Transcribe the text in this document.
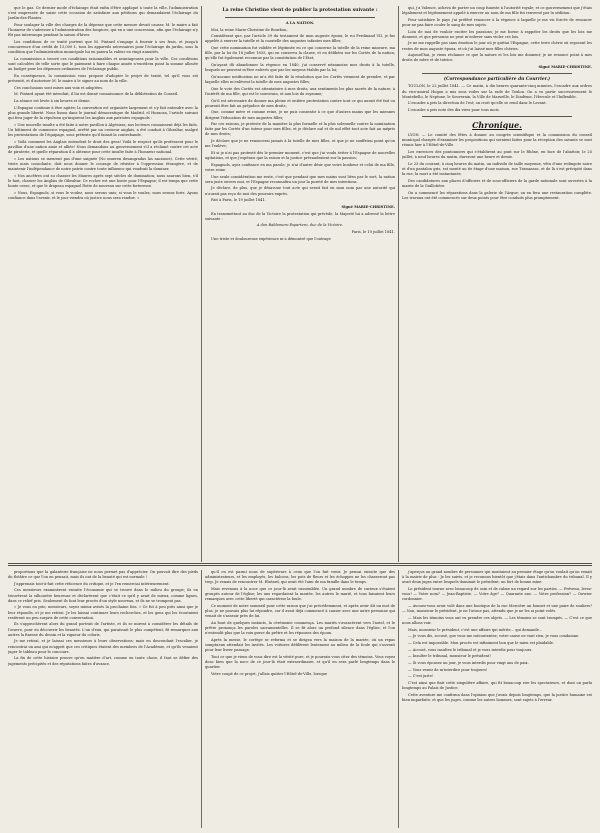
que le gaz. Ce dernier mode d'éclairage était enfin d'être appliqué à toute la ville, l'administration s'est empressée de saisir cette occasion de satisfaire aux pétitions qui demandaient l'éclairage du Jardin-des-Plantes.

Pour soulager la ville des charges de la dépense que cette mesure devait causer, M. le maire a fait l'honneur de s'adresser à l'administration des hospices, qui en a une concession, afin que l'éclairage n'y fût pas interrompu pendant la saison d'hiver.

Les conditions de ce traité portent que M. Pintard s'engage à fournir à ses frais, et jusqu'à concurrence d'un crédit de 15,000 f., tous les appareils nécessaires pour l'éclairage du jardin, sous la condition que l'administration municipale lui en paiera la valeur en vingt annuités.

La commission a trouvé ces conditions raisonnables et avantageuses pour la ville. Ces conditions sont calculées de telle sorte que le paiement à faire chaque année n'excédera point la somme allouée au budget pour les dépenses ordinaires de l'éclairage public.

En conséquence, la commission vous propose d'adopter le projet de traité, tel qu'il vous est présenté, et d'autoriser M. le maire à le signer au nom de la ville.

Ces conclusions sont mises aux voix et adoptées.

M. Pintard ayant été introduit, il lui est donné connaissance de la délibération du Conseil.

La séance est levée à six heures et demie.

L'Espagne continue à être agitée; la convention est organisée largement et s'y fait entendre avec la plus grande liberté. Nous lisons dans le journal démocratique de Madrid, el Huracan, l'article suivant qui fera juger de la répulsion qu'inspirent les Anglais aux patriotes espagnols :

« Une nouvelle insulte a été faite à notre pavillon à Algésiras; nos lecteurs connaissent déjà les faits. Un bâtiment de commerce espagnol, arrêté par un croiseur anglais, a été conduit à Gibraltar, malgré les protestations de l'équipage, sous prétexte qu'il faisait la contrebande.

« Voilà comment les Anglais entendent le droit des gens! Voilà le respect qu'ils professent pour le pavillon d'une nation amie et alliée! Nous demandons au gouvernement s'il a réclamé contre cet acte de piraterie, et quelle réparation il a obtenue pour cette insulte faite à l'honneur national.

« Les nations se meurent pas d'une saignée (No mueren desangradas las naciones). Cette vérité, triste mais consolante, doit nous donner le courage de résister à l'oppression étrangère, et de maintenir l'indépendance de notre patrie contre toute influence qui voudrait la dominer.

« Nos ancêtres ont su chasser les Maures après sept siècles de domination; nous saurons bien, s'il le faut, chasser les Anglais de Gibraltar. Ce rocher est une honte pour l'Espagne; il est temps que cette honte cesse, et que le drapeau espagnol flotte de nouveau sur cette forteresse.

« Nous, Espagnols, si vous le voulez, nous serons unis; si vous le voulez, nous serons forts. Ayons confiance dans l'avenir, et le jour viendra où justice nous sera rendue. »

La reine Christine vient de publier la protestation suivante :

A LA NATION.

Moi, la reine Marie-Christine de Bourbon,

Considérant que, par l'article 59 du testament de mon auguste époux, le roi Ferdinand VII, je fus appelée à exercer la tutelle et la curatelle des augustes infantes mes filles;

Que cette nomination fut validée et légitimée en ce qui concerne la tutelle de la reine mineure, ma fille, par la loi du 18 juillet 1835, qui en conserva la clause, et en délibéra sur les Cortès de la nation; qu'elle fut également reconnue par la constitution de l'État;

Qu'ayant dû abandonner la régence en 1840, j'ai conservé néanmoins mes droits à la tutelle, lesquels ne peuvent m'être enlevés que par les moyens établis par la loi;

Qu'aucune notification ne m'a été faite de la résolution que les Cortès viennent de prendre, et par laquelle elles m'enlèvent la tutelle de mes augustes filles;

Que le vote des Cortès est attentatoire à mes droits, aux sentiments les plus sacrés de la nature, à l'intérêt de ma fille, qui est le souverain, et aux lois du royaume;

Qu'il est nécessaire de donner ma pleine et entière protestation contre tout ce qui aurait été fait ou pourrait être fait au préjudice de mes droits;

Que, comme mère et comme reine, je ne puis consentir à ce que d'autres mains que les miennes dirigent l'éducation de mes augustes filles;

Par ces raisons, je proteste de la manière la plus formelle et la plus solennelle contre la nomination faite par les Cortès d'un tuteur pour mes filles, et je déclare nul et de nul effet tout acte fait au mépris de mes droits;

Je déclare que je ne renoncerai jamais à la tutelle de mes filles, et que je ne souffrirai point qu'on me l'enlève;

Et si je n'ai pas protesté dès le premier moment, c'est que j'ai voulu éviter à l'Espagne de nouvelles agitations, et que j'espérais que la raison et la justice prévaudraient sur la passion;

Espagnols, ayez confiance en ma parole; je n'ai d'autre désir que votre bonheur et celui de ma fille, votre reine.

Une seule considération me reste, c'est que pendant que mes mains sont liées par le sort, la nation sera juste envers moi, et l'Espagne reconnaîtra un jour la pureté de mes intentions.

Je déclare, de plus, que je désavoue tout acte qui serait fait en mon nom par une autorité qui n'aurait pas reçu de moi des pouvoirs exprès.

Fait à Paris, le 19 juillet 1841.

Signé MARIE-CHRISTINE.

En transmettant au duc de la Victoire la protestation qui précède, la Majesté lui a adressé la lettre suivante :

A don Baldomero Espartero, duc de la Victoire.

Paris, le 19 juillet 1841.

Une triste et douloureuse expérience m'a démontré que l'outrage

qui, j'a Valence, acheva de porter un coup funeste à l'autorité royale; et ce gouvernement que j'étais légalement et légitimement appelé à exercer au nom de ma fille fut renversé par la sédition.

Pour satisfaire le pays j'ai préféré renoncer à la régence à laquelle je me vis forcée de renoncer pour ne pas faire couler le sang de mes sujets.

Loin de moi de vouloir exciter les passions; je me borne à rappeler les droits que les lois me donnent, et que personne ne peut m'enlever sans violer ces lois.

Je ne me rappelle pas sans émotion le jour où je quittai l'Espagne, cette terre chérie où reposent les restes de mon auguste époux, et où j'ai laissé mes filles chéries.

Aujourd'hui, je viens réclamer ce que la nature et les lois me donnent; je ne renonce point à mes droits de mère et de tutrice.

Signé MARIE-CHRISTINE.

(Correspondance particulière du Courrier.)

TOULON, le 22 juillet 1841. — Ce matin, à dix heures quarante-cinq minutes, l'escadre aux ordres du vice-amiral Hugon a mis sous voiles sur la rade de Toulon. On a vu partir successivement le Montebello, le Neptune, le Souverain, la Ville de Marseille, le Diadème, l'Hercule et l'Inflexible.

L'escadre a pris la direction de l'est; on croit qu'elle se rend dans le Levant.

L'escadre a pris note des dix vires pour tous mois.

Chronique.

LYON. — Le comité des fêtes à donner au congrès scientifique et la commission du conseil municipal chargée d'examiner les propositions qui seraient faites pour la réception des savants se sont réunis hier à l'Hôtel-de-Ville.

Les exercices des pontonniers qui s'établirent au pont sur le Rhône, en face de l'abattoir, le 25 juillet, à neuf heures du matin, dureront une heure et demie.

Le 23 du courant, à cinq heures du matin, un individu de taille moyenne, vêtu d'une redingote noire et d'un pantalon gris, est monté au 6e étage d'une maison, rue Tramassac, et de là s'est précipité dans la rue; la mort a été instantanée.

Des candidatures aux places d'officiers et de sous-officiers de la garde nationale sont ouvertes à la mairie de la Guillotière.

On a commencé les réparations dans la galerie de l'Argue; on en fera une restauration complète. Les travaux ont été commencés sur deux points pour être conduits plus promptement.

proportions que la galanterie française ne nous permet pas d'apprécier. On pouvait dire des pieds du théâtre ce que l'on en pensait, mais ils ont de la beauté qui est normale !

J'apprenais tout-à-fait cette réticence du critique, et je l'en remerciai intérieurement.

Ces messieurs examinèrent ensuite l'économie qui se trouve dans le milieu du groupe; ils en trouvèrent la silhouette heureuse et déclarèrent que c'était ce qu'il y avait de mieux, comme lignes, dans ce relief pris. Seulement ils font leur procès d'un style nouveau, et ils ne se trompent pas.

« Je vous en prie, messieurs, soyez mieux avisés la prochaine fois. » Ce fut à peu près ainsi que je leur répondis, et je me retirai. Je les laissai continuer leurs recherches, et les gens qui les écoutaient restèrent un peu surpris de cette conversation.

Ils s'approchèrent alors du grand portrait de l'artiste, et ils se mirent à considérer les détails de l'œuvre, pour en découvrir les beautés. L'un d'eux, qui paraissait le plus compétent, fit remarquer aux autres la finesse du dessin et la vigueur du coloris.

Je me retirai, et je laissai ces messieurs à leurs observations; mais en descendant l'escalier, je rencontrai un ami qui m'apprit que ces critiques étaient des membres de l'Académie, et qu'ils venaient juger le tableau pour le concours.

La fin de cette histoire prouve qu'en matière d'art, comme en toute chose, il faut se défier des jugements précipités et des réputations faites d'avance.

qu'il en est parmi nous de supérieurs à ceux que l'on fait venir. Je pensai ensuite que des administrateurs, et les employés, les balcons, les pots de fleurs et les échoppes ne les chasseront pas trop. Je venais de rencontrer M. Elzéard, qui avait été l'ami de ma famille dans le temps.

Mais revenons à la noce que ce jour-là avait rassemblée. Un grand nombre de curieux s'étaient groupés autour de l'église; les uns regardaient la mariée, les autres le marié, et tous faisaient leurs remarques avec cette liberté qui caractérise la foule.

Ce moment de notre sommeil pour cette raison que j'ai précédemment, et après avoir dit un mot de plus, je ne pouvais plus lui répondre, car il avait déjà commencé à causer avec une autre personne qui venait de s'asseoir près de lui.

Au bout de quelques instants, la cérémonie commença. Les mariés s'avancèrent vers l'autel, et le prêtre prononça les paroles sacramentelles. Il se fit alors un profond silence dans l'église, et l'on n'entendit plus que la voix grave du prêtre et les réponses des époux.

Après la messe, le cortège se reforma et se dirigea vers la maison de la mariée, où un repas somptueux attendait les invités. Les voitures défilèrent lentement au milieu de la foule qui s'ouvrait pour leur livrer passage.

Tout ce que je viens de vous dire est la vérité pure, et je pourrais vous citer des témoins. Vous voyez donc bien que la noce de ce jour-là était extraordinaire, et qu'il en sera parlé longtemps dans le quartier.

Votre coupé de ce projet, j'allais quitter l'Hôtel-de-Ville, lorsque

j'aperçus au grand nombre de personnes qui montaient au premier étage qu'on voulait qu'on venait à la mairie de plus : Je les suivis, et je reconnus bientôt que j'étais dans l'antichambre du tribunal. Il y avait deux juges entre lesquels dominait le président, un fort de bonne mine.

Le président tourne avec beaucoup de soin et de calme un regard sur les parties. — Prévenu, levez-vous! — Votre nom? — Jean-Baptiste. — Votre âge? — Quarante ans. — Votre profession? — Ouvrier cordonnier.

— Avouez-vous avoir volé dans une boutique de la rue Mercière un bonnet et une paire de souliers? — Non, monsieur le président, je ne l'avoue pas, attendu que je ne les ai point volés.

— Mais les témoins vous ont vu prendre ces objets. — Les témoins se sont trompés. — C'est ce que nous allons voir.

Mais, monsieur le président, c'est une affaire qui mérite... qui demande...

— Je vous dis, accusé, que vous me mécontentez; votre cause ne vaut rien, je vous condamne.

— Cela est impossible. Mon procès est infiniment bon que le mien est plaidable.

— Accusé, vous insultez le tribunal et je vous interdis pour toujours.

— Insulter le tribunal, monsieur le président!

— Si vous épousez un jour, je vous interdis pour vingt ans de paix.

— Vous venez de m'interdire pour toujours!

— C'est juste!

C'est ainsi que finit cette singulière affaire, qui fit beaucoup rire les spectateurs, et dont on parla longtemps au Palais de Justice.

Cette aventure me confirma dans l'opinion que j'avais depuis longtemps, que la justice humaine est bien imparfaite, et que les juges, comme les autres hommes, sont sujets à l'erreur.
